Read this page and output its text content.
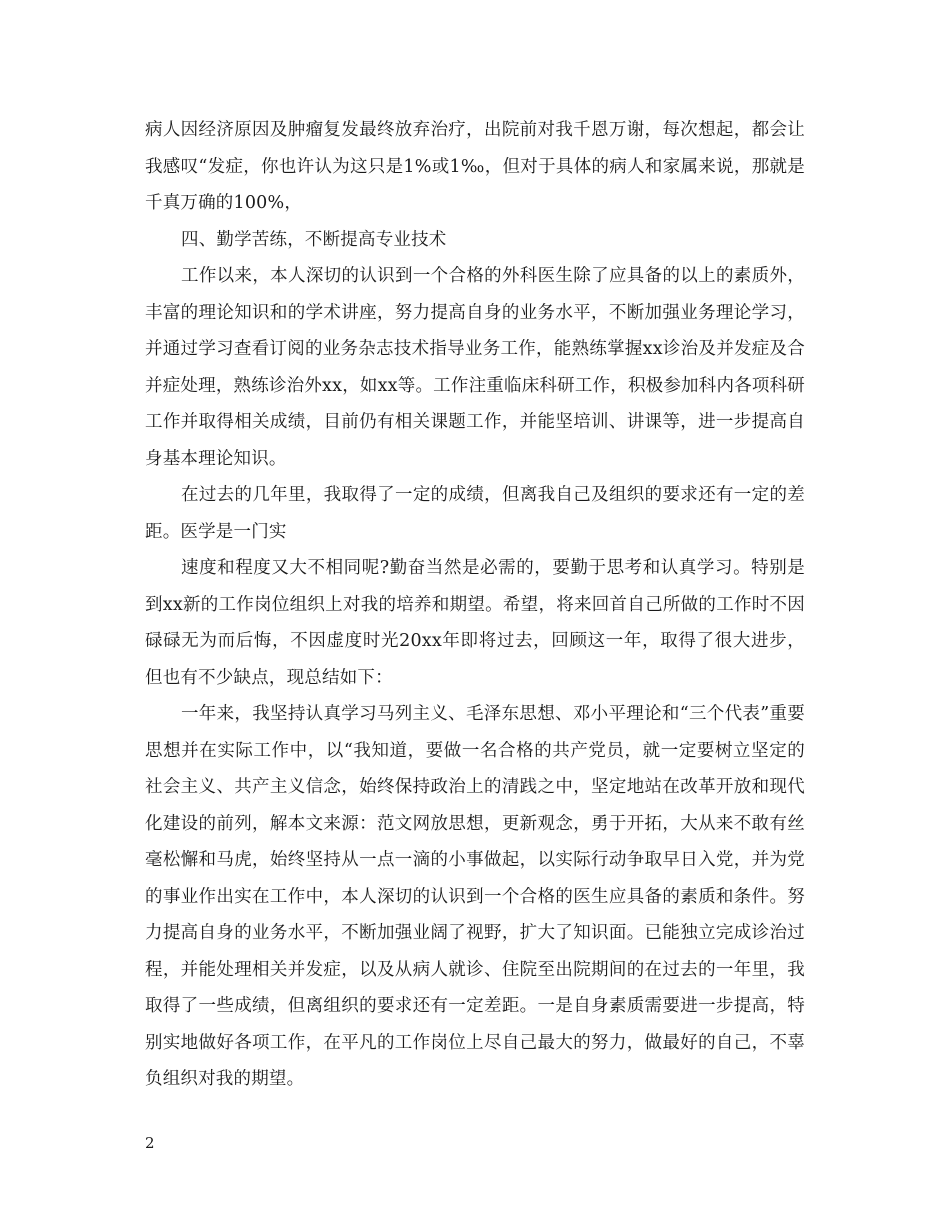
病人因经济原因及肿瘤复发最终放弃治疗，出院前对我千恩万谢，每次想起，都会让我感叹“发症，你也许认为这只是1%或1‰，但对于具体的病人和家属来说，那就是千真万确的100%，

四、勤学苦练，不断提高专业技术

工作以来，本人深切的认识到一个合格的外科医生除了应具备的以上的素质外，丰富的理论知识和的学术讲座，努力提高自身的业务水平，不断加强业务理论学习，并通过学习查看订阅的业务杂志技术指导业务工作，能熟练掌握xx诊治及并发症及合并症处理，熟练诊治外xx，如xx等。工作注重临床科研工作，积极参加科内各项科研工作并取得相关成绩，目前仍有相关课题工作，并能坚培训、讲课等，进一步提高自身基本理论知识。

在过去的几年里，我取得了一定的成绩，但离我自己及组织的要求还有一定的差距。医学是一门实

速度和程度又大不相同呢?勤奋当然是必需的，要勤于思考和认真学习。特别是到xx新的工作岗位组织上对我的培养和期望。希望，将来回首自己所做的工作时不因碌碌无为而后悔，不因虚度时光20xx年即将过去，回顾这一年，取得了很大进步，但也有不少缺点，现总结如下：

一年来，我坚持认真学习马列主义、毛泽东思想、邓小平理论和“三个代表”重要思想并在实际工作中，以“我知道，要做一名合格的共产党员，就一定要树立坚定的社会主义、共产主义信念，始终保持政治上的清践之中，坚定地站在改革开放和现代化建设的前列，解本文来源：范文网放思想，更新观念，勇于开拓，大从来不敢有丝毫松懈和马虎，始终坚持从一点一滴的小事做起，以实际行动争取早日入党，并为党的事业作出实在工作中，本人深切的认识到一个合格的医生应具备的素质和条件。努力提高自身的业务水平，不断加强业阔了视野，扩大了知识面。已能独立完成诊治过程，并能处理相关并发症，以及从病人就诊、住院至出院期间的在过去的一年里，我取得了一些成绩，但离组织的要求还有一定差距。一是自身素质需要进一步提高，特别实地做好各项工作，在平凡的工作岗位上尽自己最大的努力，做最好的自己，不辜负组织对我的期望。

2
